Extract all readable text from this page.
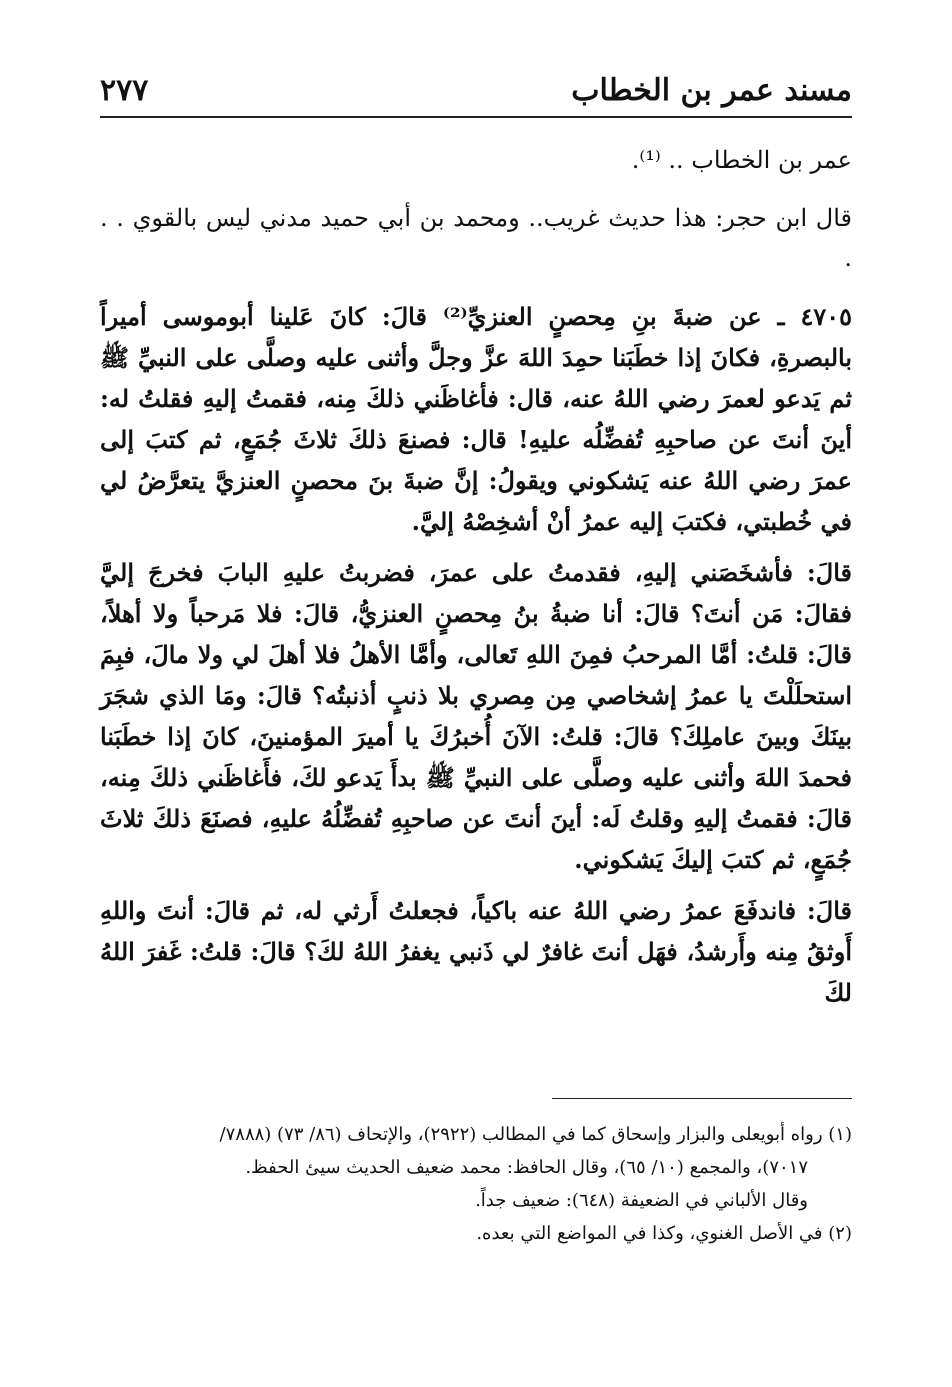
مسند عمر بن الخطاب
٢٧٧

عمر بن الخطاب .. ⁽¹⁾.

قال ابن حجر: هذا حديث غريب.. ومحمد بن أبي حميد مدني ليس بالقوي . . .

٤٧٠٥ ـ عن ضبةَ بنِ مِحصنٍ العنزيِّ⁽²⁾ قالَ: كانَ عَلينا أبوموسى أميراً بالبصرةِ، فكانَ إذا خطَبَنا حمِدَ اللهَ عزَّ وجلَّ وأثنى عليه وصلَّى على النبيِّ ﷺ ثم يَدعو لعمرَ رضي اللهُ عنه، قال: فأغاظَني ذلكَ مِنه، فقمتُ إليهِ فقلتُ له: أينَ أنتَ عن صاحبِهِ تُفضِّلُه عليهِ! قال: فصنعَ ذلكَ ثلاثَ جُمَعٍ، ثم كتبَ إلى عمرَ رضي اللهُ عنه يَشكوني ويقولُ: إنَّ ضبةَ بنَ محصنٍ العنزيَّ يتعرَّضُ لي في خُطبتي، فكتبَ إليه عمرُ أنْ أشخِصْهُ إليَّ.

قالَ: فأشخَصَني إليهِ، فقدمتُ على عمرَ، فضربتُ عليهِ البابَ فخرجَ إليَّ فقالَ: مَن أنتَ؟ قالَ: أنا ضبةُ بنُ مِحصنٍ العنزيُّ، قالَ: فلا مَرحباً ولا أهلاً، قالَ: قلتُ: أمَّا المرحبُ فمِنَ اللهِ تَعالى، وأمَّا الأهلُ فلا أهلَ لي ولا مالَ، فبِمَ استحلَلْتَ يا عمرُ إشخاصي مِن مِصري بلا ذنبٍ أذنبتُه؟ قالَ: ومَا الذي شجَرَ بينَكَ وبينَ عاملِكَ؟ قالَ: قلتُ: الآنَ أُخبرُكَ يا أميرَ المؤمنينَ، كانَ إذا خطَبَنا فحمدَ اللهَ وأثنى عليه وصلَّى على النبيِّ ﷺ بدأَ يَدعو لكَ، فأَغاظَني ذلكَ مِنه، قالَ: فقمتُ إليهِ وقلتُ لَه: أينَ أنتَ عن صاحبِهِ تُفضِّلُهُ عليهِ، فصنَعَ ذلكَ ثلاثَ جُمَعٍ، ثم كتبَ إليكَ يَشكوني.

قالَ: فاندفَعَ عمرُ رضي اللهُ عنه باكياً، فجعلتُ أَرثي له، ثم قالَ: أنتَ واللهِ أَوثقُ مِنه وأَرشدُ، فهَل أنتَ غافرٌ لي ذَنبي يغفرُ اللهُ لكَ؟ قالَ: قلتُ: غَفرَ اللهُ لكَ

(١) رواه أبويعلى والبزار وإسحاق كما في المطالب (٢٩٢٢)، والإتحاف (٨٦/ ٧٣) (٧٨٨٨/

٧٠١٧)، والمجمع (١٠/ ٦٥)، وقال الحافظ: محمد ضعيف الحديث سيئ الحفظ.

وقال الألباني في الضعيفة (٦٤٨): ضعيف جداً.

(٢) في الأصل الغنوي، وكذا في المواضع التي بعده.
